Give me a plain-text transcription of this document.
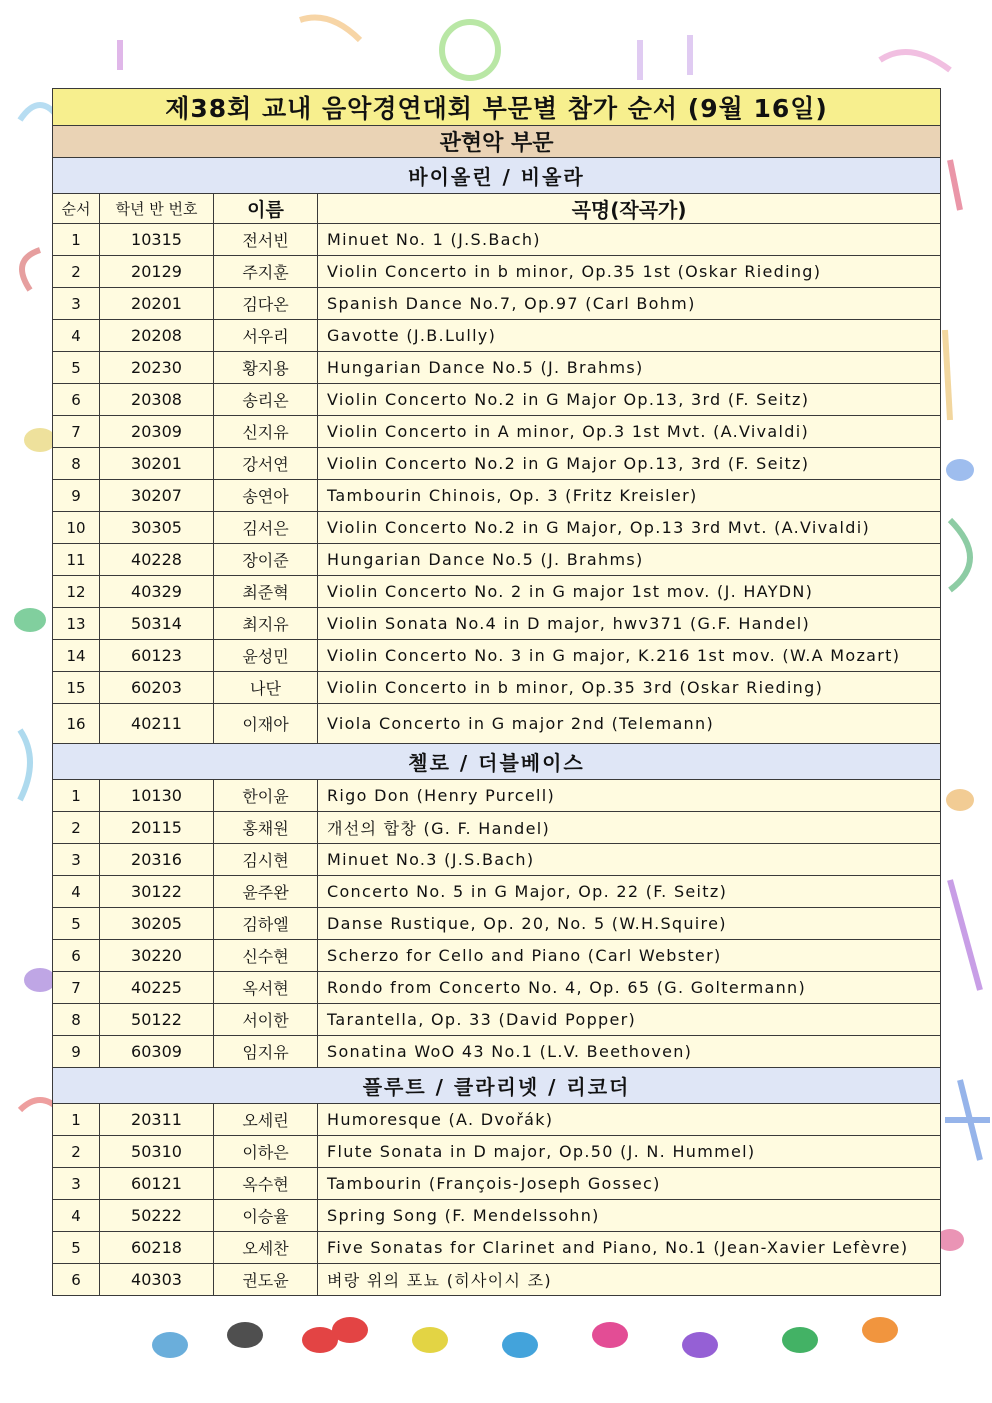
제38회 교내 음악경연대회 부문별 참가 순서 (9월 16일)			
관현악 부문			
바이올린 / 비올라			
순서	학년 반 번호	이름	곡명(작곡가)
1	10315	전서빈	Minuet No. 1 (J.S.Bach)
2	20129	주지훈	Violin Concerto in b minor, Op.35 1st (Oskar Rieding)
3	20201	김다온	Spanish Dance No.7, Op.97 (Carl Bohm)
4	20208	서우리	Gavotte (J.B.Lully)
5	20230	황지용	Hungarian Dance No.5 (J. Brahms)
6	20308	송리온	Violin Concerto No.2 in G Major Op.13, 3rd (F. Seitz)
7	20309	신지유	Violin Concerto in A minor, Op.3 1st Mvt. (A.Vivaldi)
8	30201	강서연	Violin Concerto No.2 in G Major Op.13, 3rd (F. Seitz)
9	30207	송연아	Tambourin Chinois, Op. 3 (Fritz Kreisler)
10	30305	김서은	Violin Concerto No.2 in G Major, Op.13 3rd Mvt. (A.Vivaldi)
11	40228	장이준	Hungarian Dance No.5 (J. Brahms)
12	40329	최준혁	Violin Concerto No. 2 in G major 1st mov. (J. HAYDN)
13	50314	최지유	Violin Sonata No.4 in D major, hwv371 (G.F. Handel)
14	60123	윤성민	Violin Concerto No. 3 in G major, K.216 1st mov. (W.A Mozart)
15	60203	나단	Violin Concerto in b minor, Op.35 3rd (Oskar Rieding)
16	40211	이재아	Viola Concerto in G major 2nd (Telemann)
첼로 / 더블베이스			
1	10130	한이윤	Rigo Don (Henry Purcell)
2	20115	홍채원	개선의 합창 (G. F. Handel)
3	20316	김시현	Minuet No.3 (J.S.Bach)
4	30122	윤주완	Concerto No. 5 in G Major, Op. 22 (F. Seitz)
5	30205	김하엘	Danse Rustique, Op. 20, No. 5 (W.H.Squire)
6	30220	신수현	Scherzo for Cello and Piano (Carl Webster)
7	40225	옥서현	Rondo from Concerto No. 4, Op. 65 (G. Goltermann)
8	50122	서이한	Tarantella, Op. 33 (David Popper)
9	60309	임지유	Sonatina WoO 43 No.1 (L.V. Beethoven)
플루트 / 클라리넷 / 리코더			
1	20311	오세린	Humoresque (A. Dvořák)
2	50310	이하은	Flute Sonata in D major, Op.50 (J. N. Hummel)
3	60121	옥수현	Tambourin (François-Joseph Gossec)
4	50222	이승율	Spring Song (F. Mendelssohn)
5	60218	오세찬	Five Sonatas for Clarinet and Piano, No.1 (Jean-Xavier Lefèvre)
6	40303	권도윤	벼랑 위의 포뇨 (히사이시 조)
